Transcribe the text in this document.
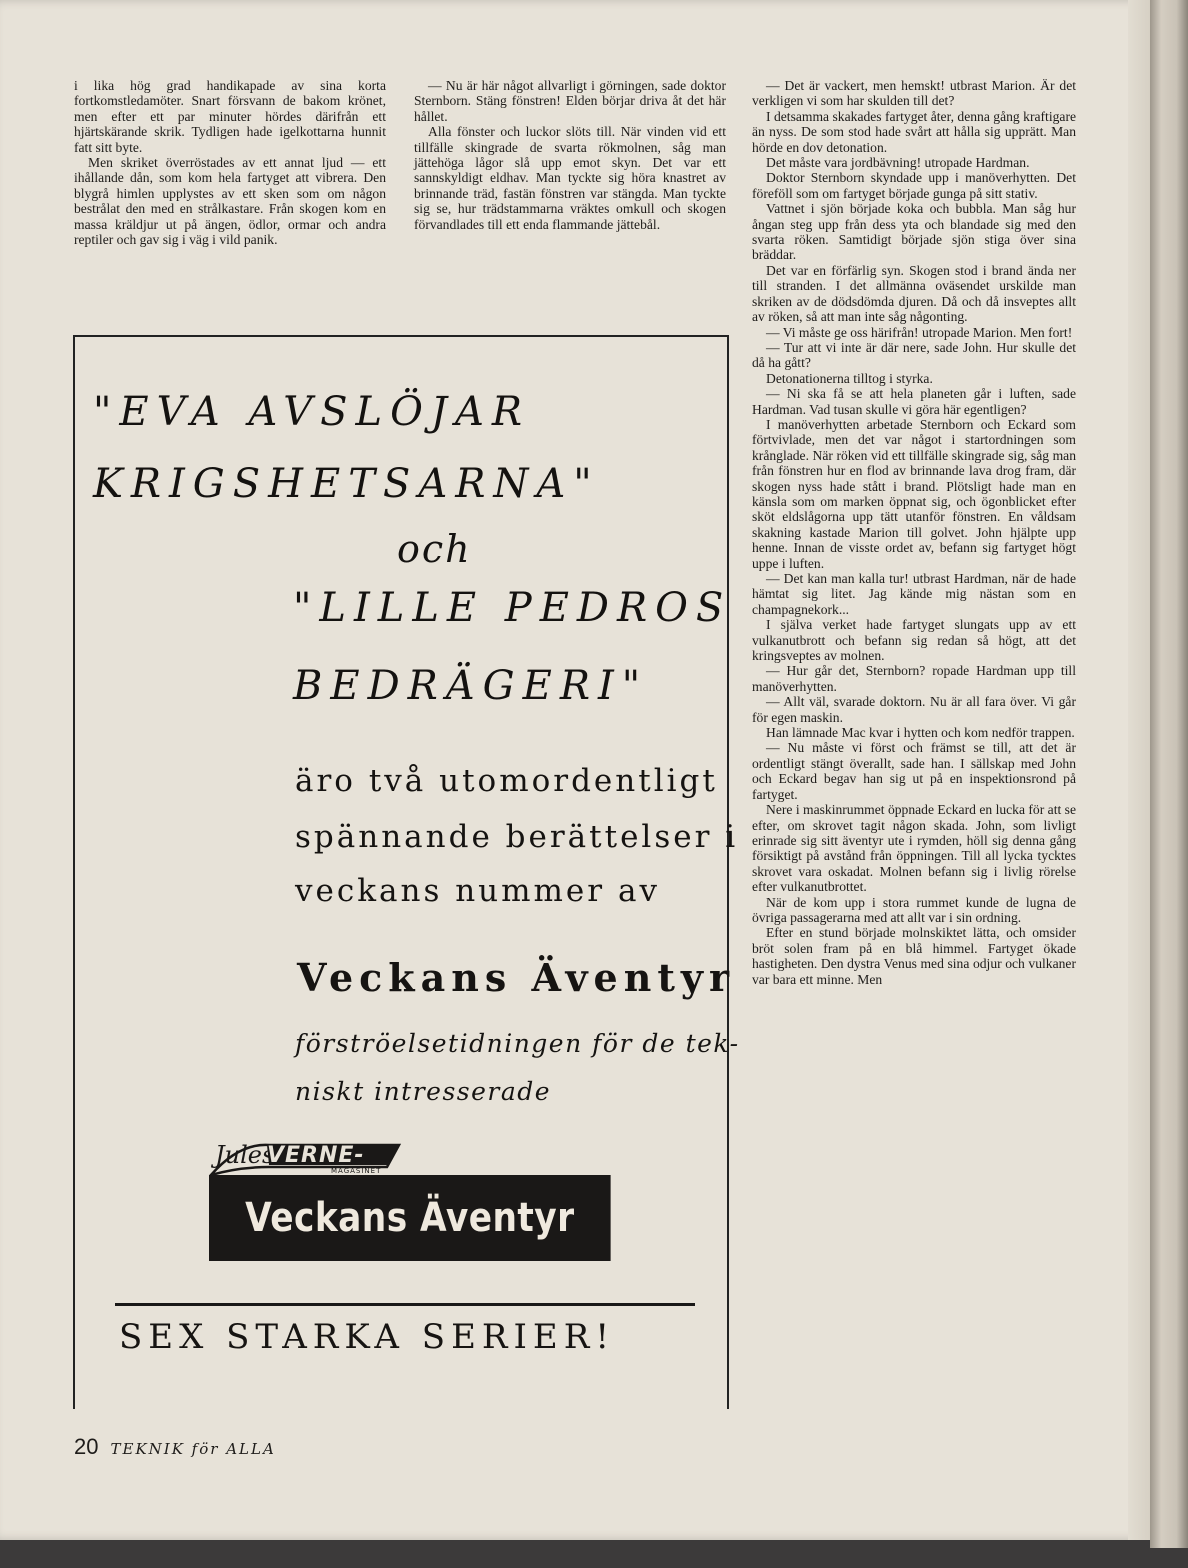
i lika hög grad handikapade av sina korta fortkomstledamöter. Snart försvann de bakom krönet, men efter ett par minuter hördes därifrån ett hjärtskärande skrik. Tydligen hade igelkottarna hunnit fatt sitt byte.

Men skriket överröstades av ett annat ljud — ett ihållande dån, som kom hela fartyget att vibrera. Den blygrå himlen upplystes av ett sken som om någon bestrålat den med en strålkastare. Från skogen kom en massa kräldjur ut på ängen, ödlor, ormar och andra reptiler och gav sig i väg i vild panik.

— Nu är här något allvarligt i görningen, sade doktor Sternborn. Stäng fönstren! Elden börjar driva åt det här hållet.

Alla fönster och luckor slöts till. När vinden vid ett tillfälle skingrade de svarta rökmolnen, såg man jättehöga lågor slå upp emot skyn. Det var ett sannskyldigt eldhav. Man tyckte sig höra knastret av brinnande träd, fastän fönstren var stängda. Man tyckte sig se, hur trädstammarna vräktes omkull och skogen förvandlades till ett enda flammande jättebål.

— Det är vackert, men hemskt! utbrast Marion. Är det verkligen vi som har skulden till det?

I detsamma skakades fartyget åter, denna gång kraftigare än nyss. De som stod hade svårt att hålla sig upprätt. Man hörde en dov detonation.

Det måste vara jordbävning! utropade Hardman.

Doktor Sternborn skyndade upp i manöverhytten. Det föreföll som om fartyget började gunga på sitt stativ.

Vattnet i sjön började koka och bubbla. Man såg hur ångan steg upp från dess yta och blandade sig med den svarta röken. Samtidigt började sjön stiga över sina bräddar.

Det var en förfärlig syn. Skogen stod i brand ända ner till stranden. I det allmänna oväsendet urskilde man skriken av de dödsdömda djuren. Då och då insveptes allt av röken, så att man inte såg någonting.

— Vi måste ge oss härifrån! utropade Marion. Men fort!

— Tur att vi inte är där nere, sade John. Hur skulle det då ha gått?

Detonationerna tilltog i styrka.

— Ni ska få se att hela planeten går i luften, sade Hardman. Vad tusan skulle vi göra här egentligen?

I manöverhytten arbetade Sternborn och Eckard som förtvivlade, men det var något i startordningen som krånglade. När röken vid ett tillfälle skingrade sig, såg man från fönstren hur en flod av brinnande lava drog fram, där skogen nyss hade stått i brand. Plötsligt hade man en känsla som om marken öppnat sig, och ögonblicket efter sköt eldslågorna upp tätt utanför fönstren. En våldsam skakning kastade Marion till golvet. John hjälpte upp henne. Innan de visste ordet av, befann sig fartyget högt uppe i luften.

— Det kan man kalla tur! utbrast Hardman, när de hade hämtat sig litet. Jag kände mig nästan som en champagnekork...

I själva verket hade fartyget slungats upp av ett vulkanutbrott och befann sig redan så högt, att det kringsveptes av molnen.

— Hur går det, Sternborn? ropade Hardman upp till manöverhytten.

— Allt väl, svarade doktorn. Nu är all fara över. Vi går för egen maskin.

Han lämnade Mac kvar i hytten och kom nedför trappen.

— Nu måste vi först och främst se till, att det är ordentligt stängt överallt, sade han. I sällskap med John och Eckard begav han sig ut på en inspektionsrond på fartyget.

Nere i maskinrummet öppnade Eckard en lucka för att se efter, om skrovet tagit någon skada. John, som livligt erinrade sig sitt äventyr ute i rymden, höll sig denna gång försiktigt på avstånd från öppningen. Till all lycka tycktes skrovet vara oskadat. Molnen befann sig i livlig rörelse efter vulkanutbrottet.

När de kom upp i stora rummet kunde de lugna de övriga passagerarna med att allt var i sin ordning.

Efter en stund började molnskiktet lätta, och omsider bröt solen fram på en blå himmel. Fartyget ökade hastigheten. Den dystra Venus med sina odjur och vulkaner var bara ett minne. Men

"EVA AVSLÖJAR
KRIGSHETSARNA"
och
"LILLE PEDROS
BEDRÄGERI"
äro två utomordentligt
spännande berättelser i
veckans nummer av
Veckans Äventyr
förströelsetidningen för de tek-
niskt intresserade
Jules
VERNE-
MAGASINET
Veckans Äventyr
SEX STARKA SERIER!
20 TEKNIK för ALLA
